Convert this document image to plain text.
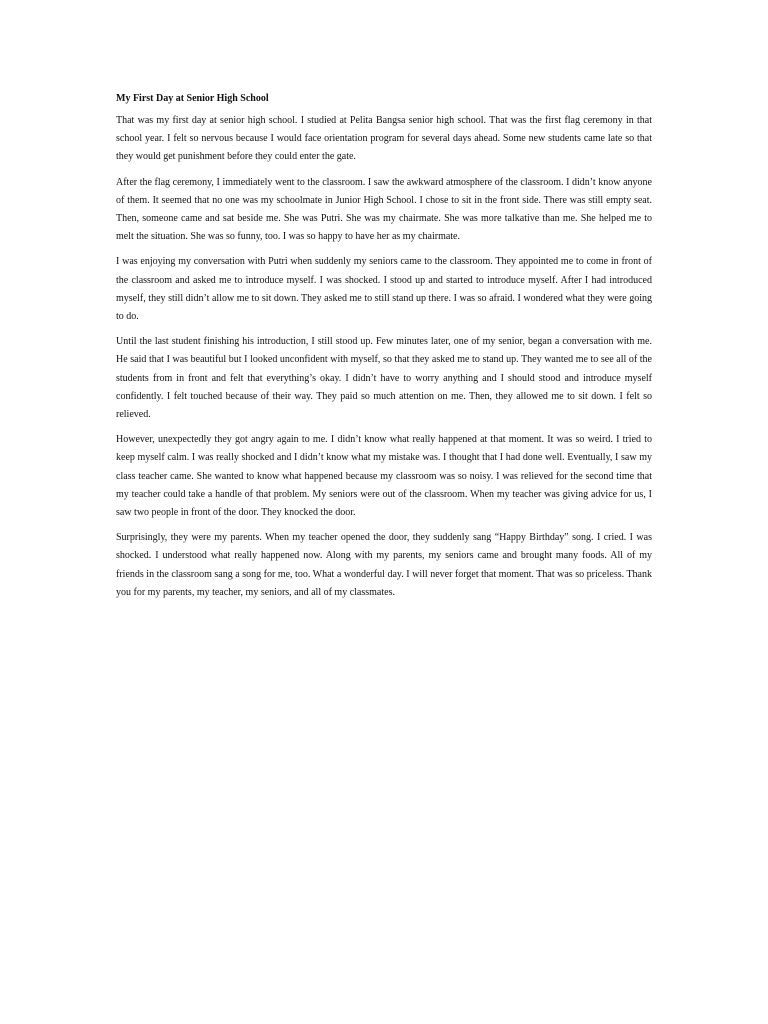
My First Day at Senior High School

That was my first day at senior high school. I studied at Pelita Bangsa senior high school. That was the first flag ceremony in that school year. I felt so nervous because I would face orientation program for several days ahead. Some new students came late so that they would get punishment before they could enter the gate.

After the flag ceremony, I immediately went to the classroom. I saw the awkward atmosphere of the classroom. I didn’t know anyone of them. It seemed that no one was my schoolmate in Junior High School. I chose to sit in the front side. There was still empty seat. Then, someone came and sat beside me. She was Putri. She was my chairmate. She was more talkative than me. She helped me to melt the situation. She was so funny, too. I was so happy to have her as my chairmate.

I was enjoying my conversation with Putri when suddenly my seniors came to the classroom. They appointed me to come in front of the classroom and asked me to introduce myself. I was shocked. I stood up and started to introduce myself. After I had introduced myself, they still didn’t allow me to sit down. They asked me to still stand up there. I was so afraid. I wondered what they were going to do.

Until the last student finishing his introduction, I still stood up. Few minutes later, one of my senior, began a conversation with me. He said that I was beautiful but I looked unconfident with myself, so that they asked me to stand up. They wanted me to see all of the students from in front and felt that everything’s okay. I didn’t have to worry anything and I should stood and introduce myself confidently. I felt touched because of their way. They paid so much attention on me. Then, they allowed me to sit down. I felt so relieved.

However, unexpectedly they got angry again to me. I didn’t know what really happened at that moment. It was so weird. I tried to keep myself calm. I was really shocked and I didn’t know what my mistake was. I thought that I had done well. Eventually, I saw my class teacher came. She wanted to know what happened because my classroom was so noisy. I was relieved for the second time that my teacher could take a handle of that problem. My seniors were out of the classroom. When my teacher was giving advice for us, I saw two people in front of the door. They knocked the door.

Surprisingly, they were my parents. When my teacher opened the door, they suddenly sang “Happy Birthday” song. I cried. I was shocked. I understood what really happened now. Along with my parents, my seniors came and brought many foods. All of my friends in the classroom sang a song for me, too. What a wonderful day. I will never forget that moment. That was so priceless. Thank you for my parents, my teacher, my seniors, and all of my classmates.
